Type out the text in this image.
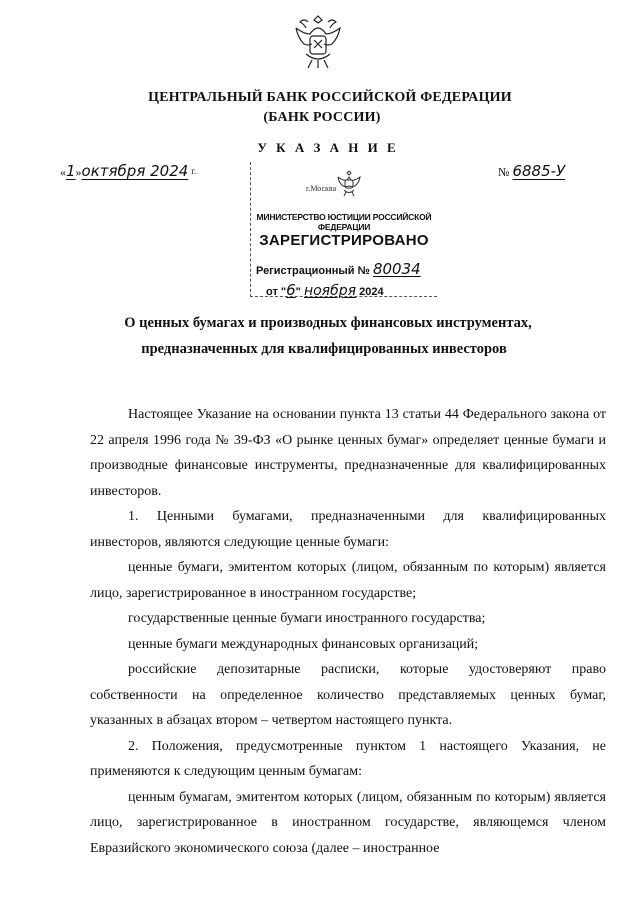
ЦЕНТРАЛЬНЫЙ БАНК РОССИЙСКОЙ ФЕДЕРАЦИИ
(БАНК РОССИИ)
У К А З А Н И Е
«1»октября 2024 г.	№ 6885-У
г.Москва
МИНИСТЕРСТВО ЮСТИЦИИ РОССИЙСКОЙ ФЕДЕРАЦИИ
ЗАРЕГИСТРИРОВАНО
Регистрационный № 80034
от "6" ноября 2024
О ценных бумагах и производных финансовых инструментах,
предназначенных для квалифицированных инвесторов

Настоящее Указание на основании пункта 13 статьи 44 Федерального закона от 22 апреля 1996 года № 39-ФЗ «О рынке ценных бумаг» определяет ценные бумаги и производные финансовые инструменты, предназначенные для квалифицированных инвесторов.

1. Ценными бумагами, предназначенными для квалифицированных инвесторов, являются следующие ценные бумаги:

ценные бумаги, эмитентом которых (лицом, обязанным по которым) является лицо, зарегистрированное в иностранном государстве;

государственные ценные бумаги иностранного государства;

ценные бумаги международных финансовых организаций;

российские депозитарные расписки, которые удостоверяют право собственности на определенное количество представляемых ценных бумаг, указанных в абзацах втором – четвертом настоящего пункта.

2. Положения, предусмотренные пунктом 1 настоящего Указания, не применяются к следующим ценным бумагам:

ценным бумагам, эмитентом которых (лицом, обязанным по которым) является лицо, зарегистрированное в иностранном государстве, являющемся членом Евразийского экономического союза (далее – иностранное
